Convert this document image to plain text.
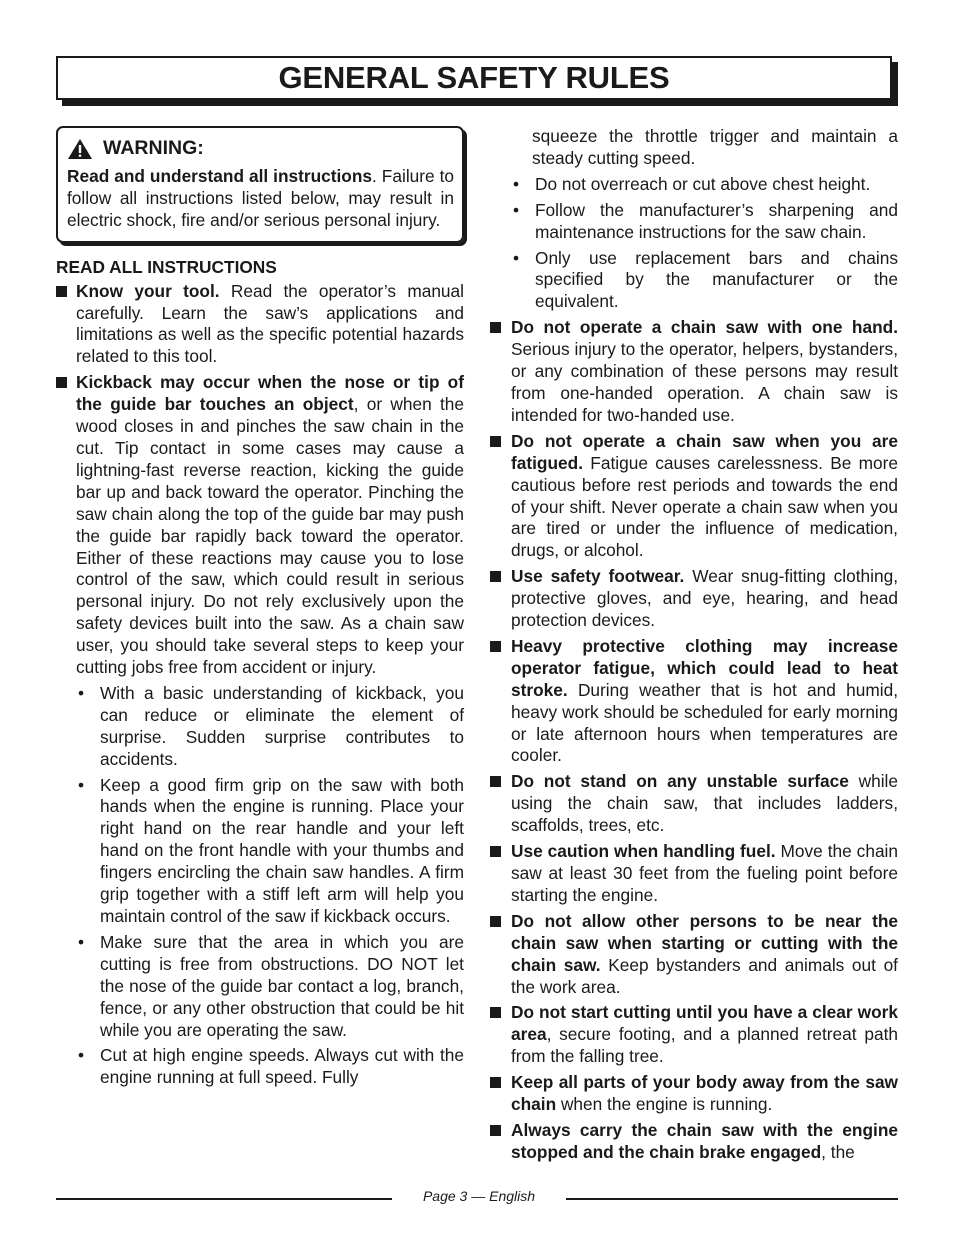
GENERAL SAFETY RULES
WARNING:

Read and understand all instructions. Failure to follow all instructions listed below, may result in electric shock, fire and/or serious personal injury.

READ ALL INSTRUCTIONS
Know your tool. Read the operator’s manual carefully. Learn the saw’s applications and limitations as well as the specific potential hazards related to this tool.
Kickback may occur when the nose or tip of the guide bar touches an object, or when the wood closes in and pinches the saw chain in the cut. Tip contact in some cases may cause a lightning-fast reverse reaction, kicking the guide bar up and back toward the operator. Pinching the saw chain along the top of the guide bar may push the guide bar rapidly back toward the operator. Either of these reactions may cause you to lose control of the saw, which could result in serious personal injury. Do not rely exclusively upon the safety devices built into the saw. As a chain saw user, you should take several steps to keep your cutting jobs free from accident or injury.
• With a basic understanding of kickback, you can reduce or eliminate the element of surprise. Sudden surprise contributes to accidents.
• Keep a good firm grip on the saw with both hands when the engine is running. Place your right hand on the rear handle and your left hand on the front handle with your thumbs and fingers encircling the chain saw handles. A firm grip together with a stiff left arm will help you maintain control of the saw if kickback occurs.
• Make sure that the area in which you are cutting is free from obstructions. DO NOT let the nose of the guide bar contact a log, branch, fence, or any other obstruction that could be hit while you are operating the saw.
• Cut at high engine speeds. Always cut with the engine running at full speed. Fully
squeeze the throttle trigger and maintain a steady cutting speed.
• Do not overreach or cut above chest height.
• Follow the manufacturer’s sharpening and maintenance instructions for the saw chain.
• Only use replacement bars and chains specified by the manufacturer or the equivalent.
Do not operate a chain saw with one hand. Serious injury to the operator, helpers, bystanders, or any combination of these persons may result from one-handed operation. A chain saw is intended for two-handed use.
Do not operate a chain saw when you are fatigued. Fatigue causes carelessness. Be more cautious before rest periods and towards the end of your shift. Never operate a chain saw when you are tired or under the influence of medication, drugs, or alcohol.
Use safety footwear. Wear snug-fitting clothing, protective gloves, and eye, hearing, and head protection devices.
Heavy protective clothing may increase operator fatigue, which could lead to heat stroke. During weather that is hot and humid, heavy work should be scheduled for early morning or late afternoon hours when temperatures are cooler.
Do not stand on any unstable surface while using the chain saw, that includes ladders, scaffolds, trees, etc.
Use caution when handling fuel. Move the chain saw at least 30 feet from the fueling point before starting the engine.
Do not allow other persons to be near the chain saw when starting or cutting with the chain saw. Keep bystanders and animals out of the work area.
Do not start cutting until you have a clear work area, secure footing, and a planned retreat path from the falling tree.
Keep all parts of your body away from the saw chain when the engine is running.
Always carry the chain saw with the engine stopped and the chain brake engaged, the
Page 3 — English
